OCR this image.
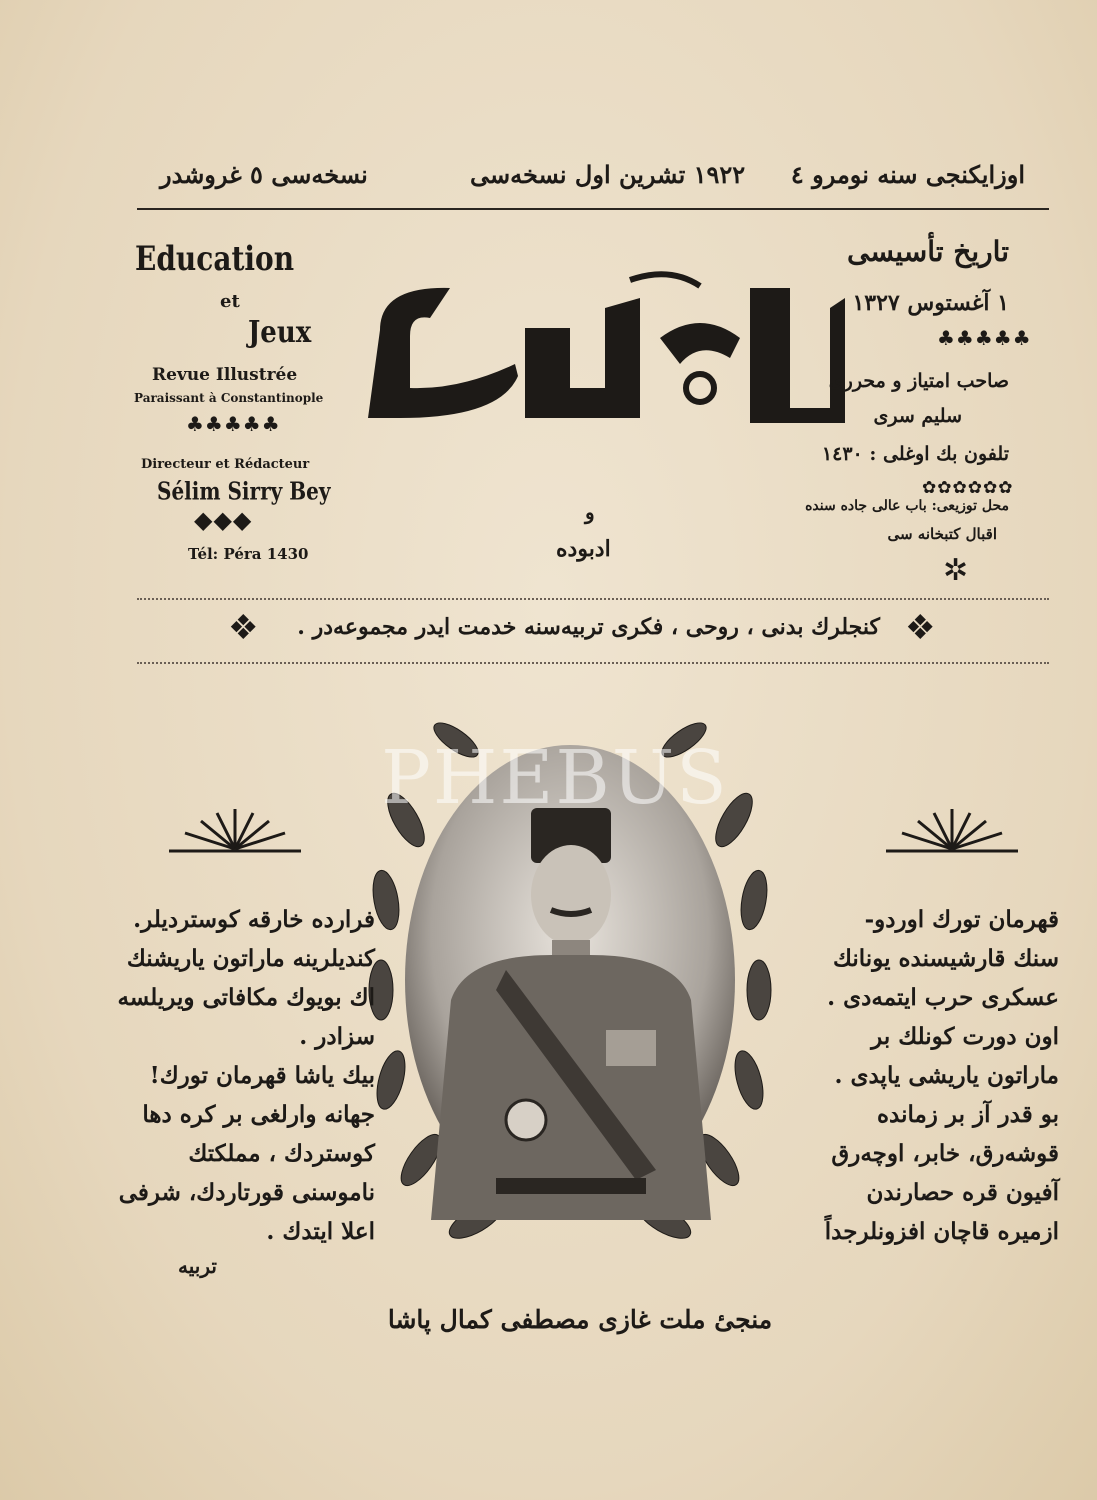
اوزایکنجی سنه نومرو ٤
١٩٢٢ تشرین اول نسخه‌سی
نسخه‌سی ٥ غروشدر
Education
et
Jeux
Revue Illustrée
Paraissant à Constantinople
♣♣♣♣♣
Directeur et Rédacteur
Sélim Sirry Bey
◆◆◆
Tél: Péra 1430
و
ادبوده
تاریخ تأسیسی
١ آغستوس ١٣٢٧
♣♣♣♣♣
صاحب امتیاز و محرری
سلیم سری
تلفون بك اوغلی : ١٤٣٠
✿✿✿✿✿✿
محل توزیعی: باب عالی جاده سنده
اقبال کتبخانه سی
✲
❖ کنجلرك بدنی ، روحی ، فکری تربیه‌سنه خدمت ایدر مجموعه‌در . ❖
PHEBUS
قهرمان تورك اوردو-
سنك قارشیسنده یونانك
عسکری حرب ایتمه‌دی .
اون دورت کونلك بر
ماراتون یاریشی یاپدی .
بو قدر آز بر زمانده
قوشه‌رق، خابر، اوچه‌رق
آفیون قره حصارندن
ازمیره قاچان افزونلرجداً
فرارده خارقه کوستردیلر.
کندیلرینه ماراتون یاریشنك
اك بویوك مکافاتی ویریلسه
سزادر .
بیك یاشا قهرمان تورك!
جهانه وارلغی بر کره دها
کوستردك ، مملکتك
ناموسنی قورتاردك، شرفی
اعلا ایتدك .
تربیه
منجیٔ ملت غازی مصطفی کمال پاشا
